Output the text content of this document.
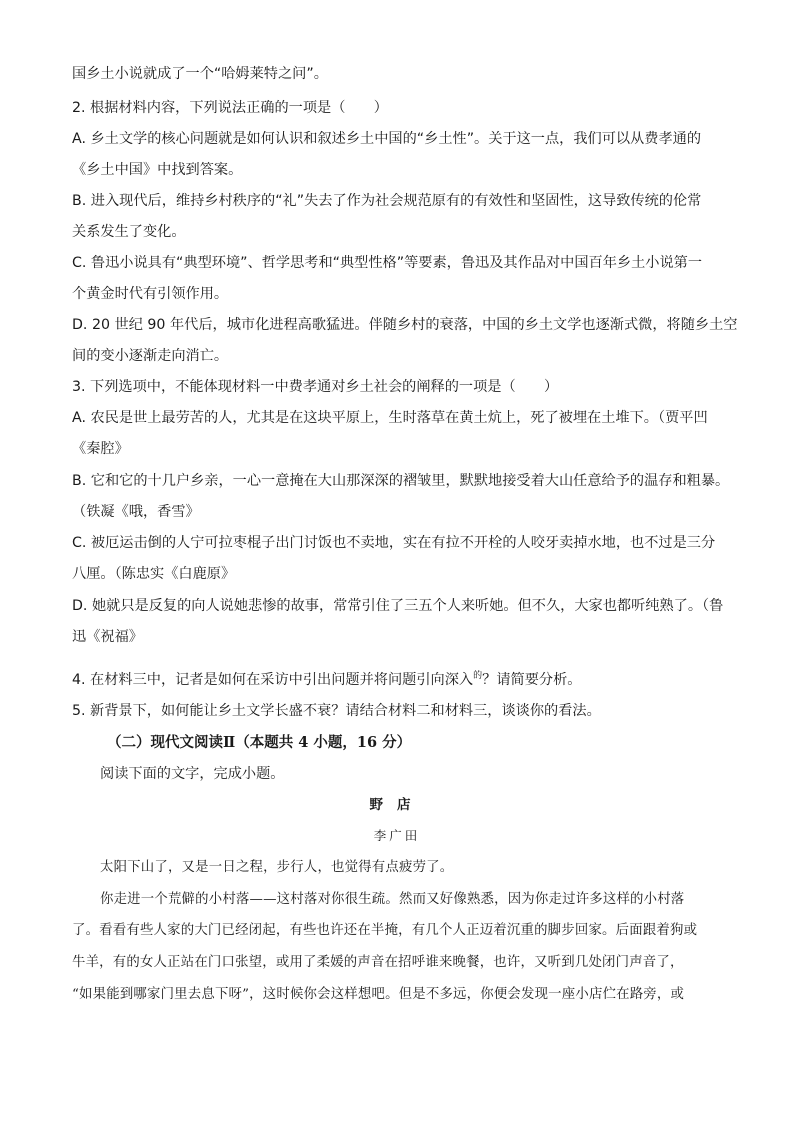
国乡土小说就成了一个“哈姆莱特之问”。
2. 根据材料内容，下列说法正确的一项是（　　）
A. 乡土文学的核心问题就是如何认识和叙述乡土中国的“乡土性”。关于这一点，我们可以从费孝通的
《乡土中国》中找到答案。
B. 进入现代后，维持乡村秩序的“礼”失去了作为社会规范原有的有效性和坚固性，这导致传统的伦常
关系发生了变化。
C. 鲁迅小说具有“典型环境”、哲学思考和“典型性格”等要素，鲁迅及其作品对中国百年乡土小说第一
个黄金时代有引领作用。
D. 20 世纪 90 年代后，城市化进程高歌猛进。伴随乡村的衰落，中国的乡土文学也逐渐式微，将随乡土空
间的变小逐渐走向消亡。
3. 下列选项中，不能体现材料一中费孝通对乡土社会的阐释的一项是（　　）
A. 农民是世上最劳苦的人，尤其是在这块平原上，生时落草在黄土炕上，死了被埋在土堆下。（贾平凹
《秦腔》
B. 它和它的十几户乡亲，一心一意掩在大山那深深的褶皱里，默默地接受着大山任意给予的温存和粗暴。
（铁凝《哦，香雪》
C. 被厄运击倒的人宁可拉枣棍子出门讨饭也不卖地，实在有拉不开栓的人咬牙卖掉水地，也不过是三分
八厘。（陈忠实《白鹿原》
D. 她就只是反复的向人说她悲惨的故事，常常引住了三五个人来听她。但不久，大家也都听纯熟了。（鲁
迅《祝福》
4. 在材料三中，记者是如何在采访中引出问题并将问题引向深入$^的$？请简要分析。
5. 新背景下，如何能让乡土文学长盛不衰？请结合材料二和材料三，谈谈你的看法。
（二）现代文阅读Ⅱ（本题共 4 小题，16 分）
阅读下面的文字，完成小题。
野店
李广田
太阳下山了，又是一日之程，步行人，也觉得有点疲劳了。
你走进一个荒僻的小村落——这村落对你很生疏。然而又好像熟悉，因为你走过许多这样的小村落
了。看看有些人家的大门已经闭起，有些也许还在半掩，有几个人正迈着沉重的脚步回家。后面跟着狗或
牛羊，有的女人正站在门口张望，或用了柔媛的声音在招呼谁来晚餐，也许，又听到几处闭门声音了，
“如果能到哪家门里去息下呀”，这时候你会这样想吧。但是不多远，你便会发现一座小店伫在路旁，或
